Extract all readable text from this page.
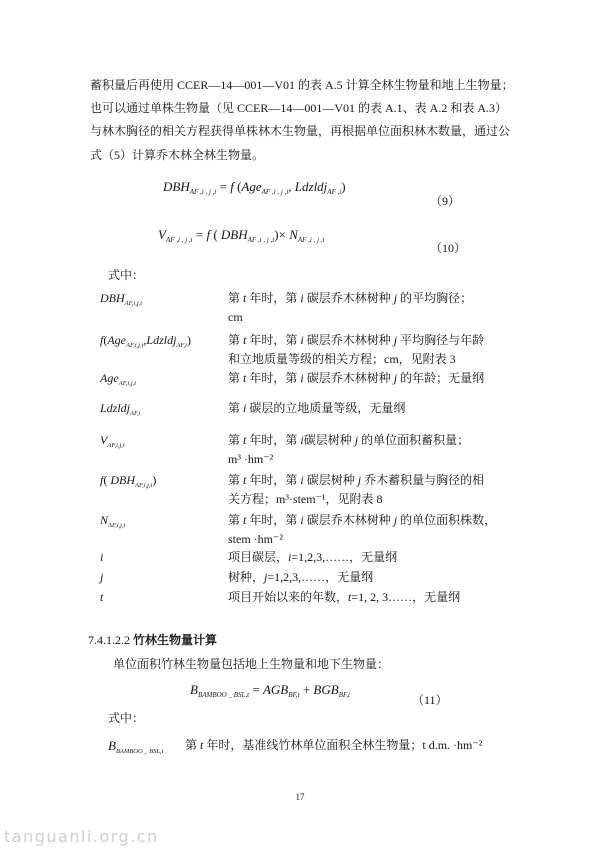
蓄积量后再使用 CCER—14—001—V01 的表 A.5 计算全林生物量和地上生物量；
也可以通过单株生物量（见 CCER—14—001—V01 的表 A.1、表 A.2 和表 A.3）
与林木胸径的相关方程获得单株林木生物量，再根据单位面积林木数量，通过公
式（5）计算乔木林全林生物量。
$DBH_{AF ,i , j ,t} = f$ (Age$_{AF ,i , j ,t}$, Ldzldj$_{AF ,i}$)
（9）
$V_{AF ,i , j ,t} = f$ ( $DBH_{AF ,i , j ,t})\times N_{AF ,i , j ,t}$
（10）
式中：
$DBH_{AF,i,j,t}$	第 t 年时，第 i 碳层乔木林树种 j 的平均胸径；
cm
f(Age$_{AF,i,j,t}$,Ldzldj$_{AF,i}$)	第 t 年时，第 i 碳层乔木林树种 j 平均胸径与年龄
和立地质量等级的相关方程；cm，见附表 3
Age$_{AF,i,j,t}$	第 t 年时，第 i 碳层乔木林树种 j 的年龄；无量纲
Ldzldj$_{AF,i}$	第 i 碳层的立地质量等级，无量纲
$V_{AF,i,j,t}$	第 t 年时，第 i碳层树种 j 的单位面积蓄积量；
m³ ·hm⁻²
f( $DBH_{AF,i,j,t}$)	第 t 年时，第 i 碳层树种 j 乔木蓄积量与胸径的相
关方程；m³·stem⁻¹，见附表 8
$N_{AF,i,j,t}$	第 t 年时，第 i 碳层乔木林树种 j 的单位面积株数，
stem ·hm⁻²
i	项目碳层，i=1,2,3,……，无量纲
j	树种，j=1,2,3,……，无量纲
t	项目开始以来的年数，t=1, 2, 3……，无量纲
7.4.1.2.2 竹林生物量计算
单位面积竹林生物量包括地上生物量和地下生物量：
$B_{BAMBOO \_ BSL,t} = AGB_{BF,t} + BGB_{BF,t}$	（11）
式中：
$B_{BAMBOO \_ BSL,t}$ 第 t 年时，基准线竹林单位面积全林生物量；t d.m. ·hm⁻²
17
tanguanli.org.cn
